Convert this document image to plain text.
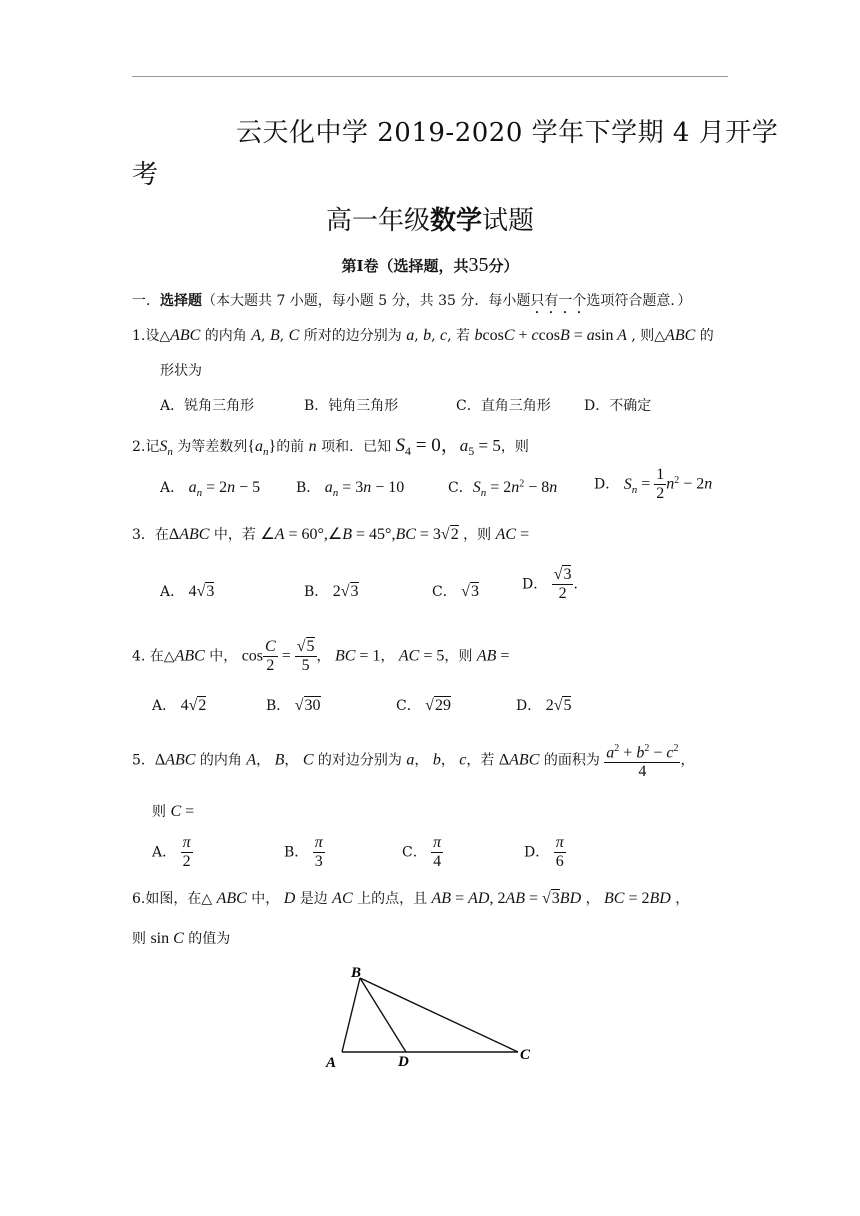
云天化中学 2019-2020 学年下学期 4 月开学
考
高一年级数学试题
第Ⅰ卷（选择题，共35分）
一．选择题（本大题共 7 小题，每小题 5 分，共 35 分．每小题只有一个选项符合题意．）
1.设△ABC 的内角 A, B, C 所对的边分别为 a, b, c, 若 bcosC + ccosB = asin A , 则△ABC 的
形状为
A．锐角三角形	B．钝角三角形	C．直角三角形 D．不确定
2.记$S_n$ 为等差数列$\{a_n\}$的前 n 项和．已知 $S_4 = 0$，$a_5 = 5$，则
A． $a_n = 2n - 5$	B． $a_n = 3n - 10$	C．$S_n = 2n^2 - 8n$	D． $S_n = \frac{1}{2} n^2 - 2n$
3．在ΔABC 中，若 ∠A = 60°,∠B = 45°,BC = 3√2 ，则 AC =
A． 4√3	B． 2√3	C． √3	D． $\frac{√3}{2}$ ．
4. 在△ABC 中， $\cos \frac{C}{2} = \frac{√5}{5}$ ， BC = 1， AC = 5，则 AB =
A． 4√2	B． √30	C． √29	D． 2√5
5．ΔABC 的内角 A， B， C 的对边分别为 a， b， c，若 ΔABC 的面积为 $\frac{a^2 + b^2 - c^2}{4}$ ，
则 C =
A． $\frac{\pi}{2}$	B． $\frac{\pi}{3}$	C． $\frac{\pi}{4}$	D． $\frac{\pi}{6}$
6.如图，在△ ABC 中， D 是边 AC 上的点，且 AB = AD, 2AB = √3BD ， BC = 2BD ，
则 sin C 的值为
B
A	D	C
